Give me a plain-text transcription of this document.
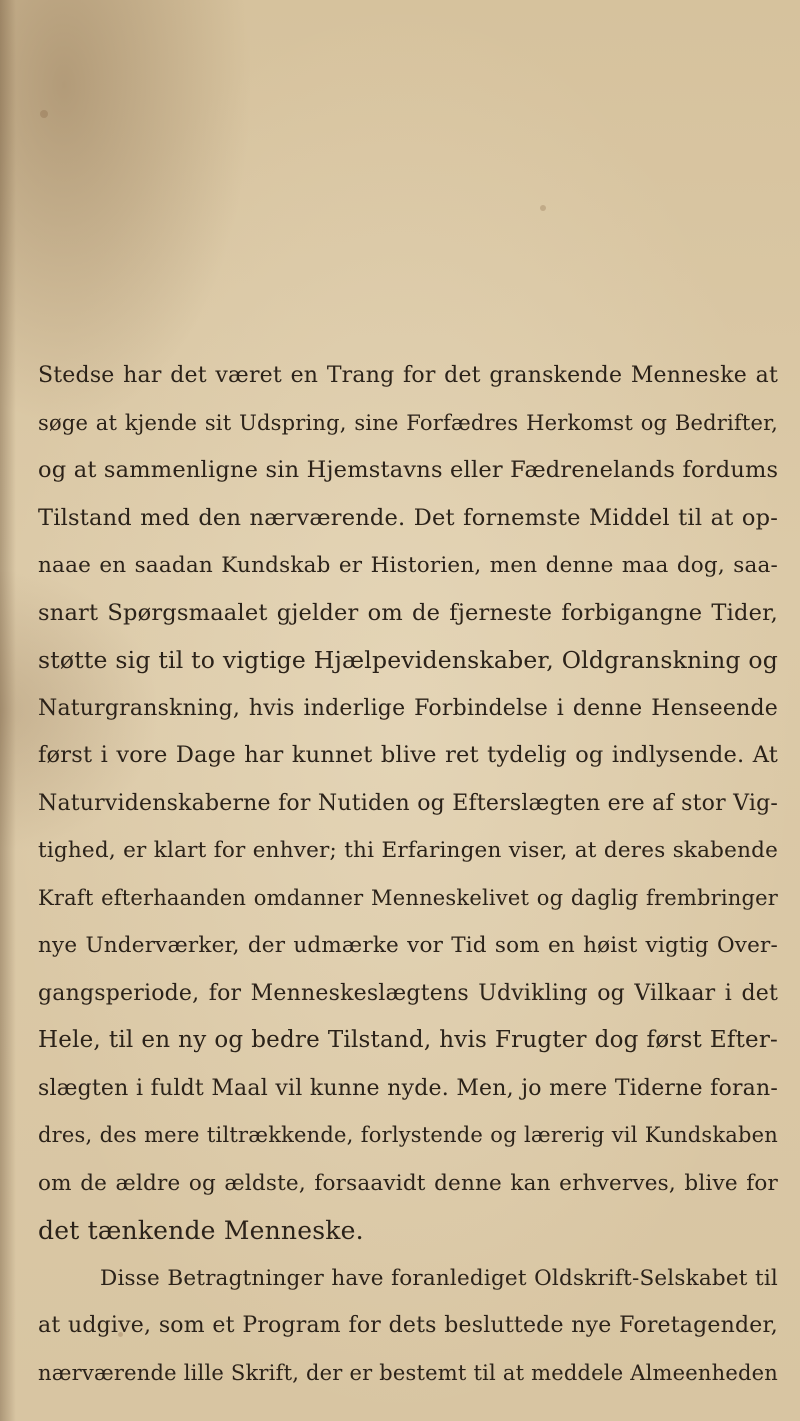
Stedse har det været en Trang for det granskende Menneske at
søge at kjende sit Udspring, sine Forfædres Herkomst og Bedrifter,
og at sammenligne sin Hjemstavns eller Fædrenelands fordums
Tilstand med den nærværende. Det fornemste Middel til at op-
naae en saadan Kundskab er Historien, men denne maa dog, saa-
snart Spørgsmaalet gjelder om de fjerneste forbigangne Tider,
støtte sig til to vigtige Hjælpevidenskaber, Oldgranskning og
Naturgranskning, hvis inderlige Forbindelse i denne Henseende
først i vore Dage har kunnet blive ret tydelig og indlysende. At
Naturvidenskaberne for Nutiden og Efterslægten ere af stor Vig-
tighed, er klart for enhver; thi Erfaringen viser, at deres skabende
Kraft efterhaanden omdanner Menneskelivet og daglig frembringer
nye Underværker, der udmærke vor Tid som en høist vigtig Over-
gangsperiode, for Menneskeslægtens Udvikling og Vilkaar i det
Hele, til en ny og bedre Tilstand, hvis Frugter dog først Efter-
slægten i fuldt Maal vil kunne nyde. Men, jo mere Tiderne foran-
dres, des mere tiltrækkende, forlystende og lærerig vil Kundskaben
om de ældre og ældste, forsaavidt denne kan erhverves, blive for
det tænkende Menneske.
Disse Betragtninger have foranlediget Oldskrift-Selskabet til
at udgive, som et Program for dets besluttede nye Foretagender,
nærværende lille Skrift, der er bestemt til at meddele Almeenheden
